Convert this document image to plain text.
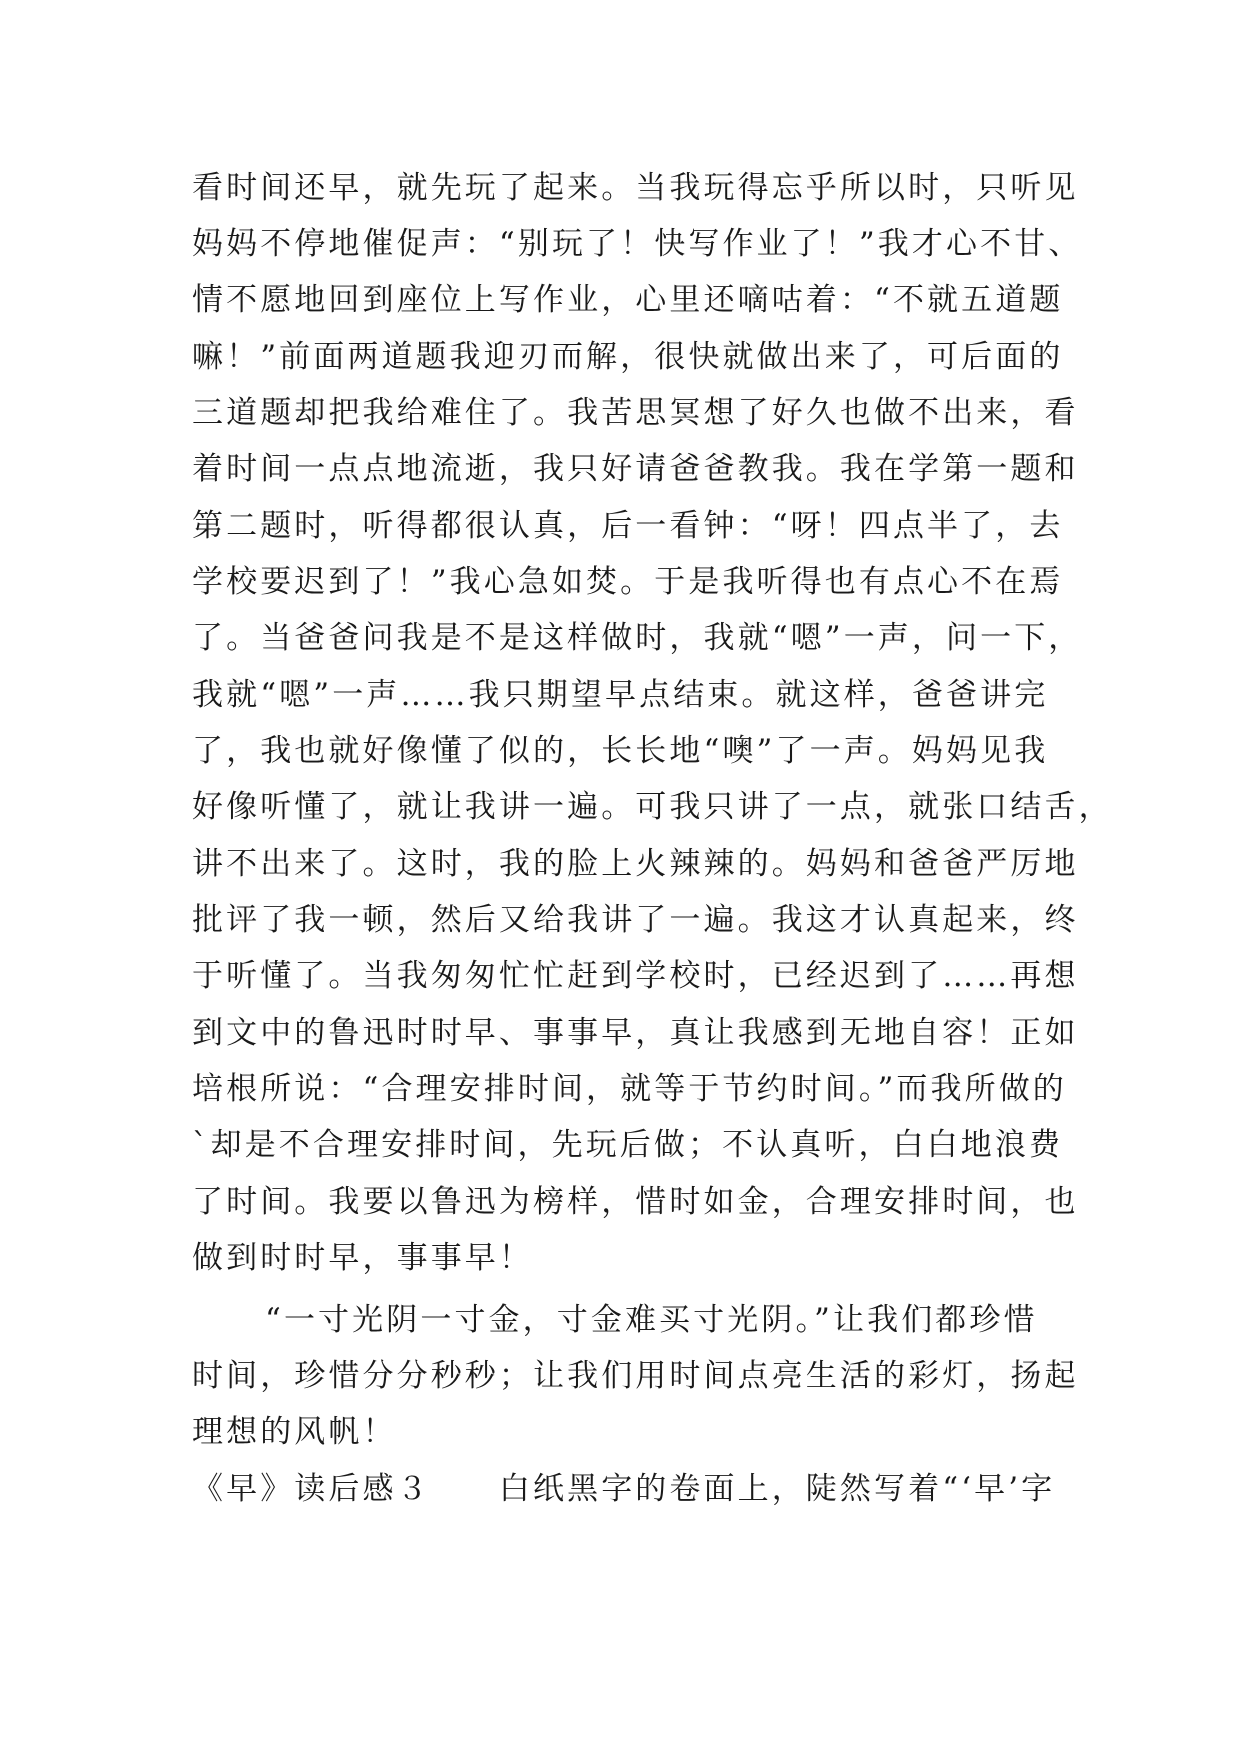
看时间还早，就先玩了起来。当我玩得忘乎所以时，只听见
妈妈不停地催促声：“别玩了！快写作业了！”我才心不甘、
情不愿地回到座位上写作业，心里还嘀咕着：“不就五道题
嘛！”前面两道题我迎刃而解，很快就做出来了，可后面的
三道题却把我给难住了。我苦思冥想了好久也做不出来，看
着时间一点点地流逝，我只好请爸爸教我。我在学第一题和
第二题时，听得都很认真，后一看钟：“呀！四点半了，去
学校要迟到了！”我心急如焚。于是我听得也有点心不在焉
了。当爸爸问我是不是这样做时，我就“嗯”一声，问一下，
我就“嗯”一声……我只期望早点结束。就这样，爸爸讲完
了，我也就好像懂了似的，长长地“噢”了一声。妈妈见我
好像听懂了，就让我讲一遍。可我只讲了一点，就张口结舌，
讲不出来了。这时，我的脸上火辣辣的。妈妈和爸爸严厉地
批评了我一顿，然后又给我讲了一遍。我这才认真起来，终
于听懂了。当我匆匆忙忙赶到学校时，已经迟到了……再想
到文中的鲁迅时时早、事事早，真让我感到无地自容！正如
培根所说：“合理安排时间，就等于节约时间。”而我所做的
`却是不合理安排时间，先玩后做；不认真听，白白地浪费
了时间。我要以鲁迅为榜样，惜时如金，合理安排时间，也
做到时时早，事事早！
“一寸光阴一寸金，寸金难买寸光阴。”让我们都珍惜
时间，珍惜分分秒秒；让我们用时间点亮生活的彩灯，扬起
理想的风帆！
《早》读后感３　　白纸黑字的卷面上，陡然写着“‘早’字
